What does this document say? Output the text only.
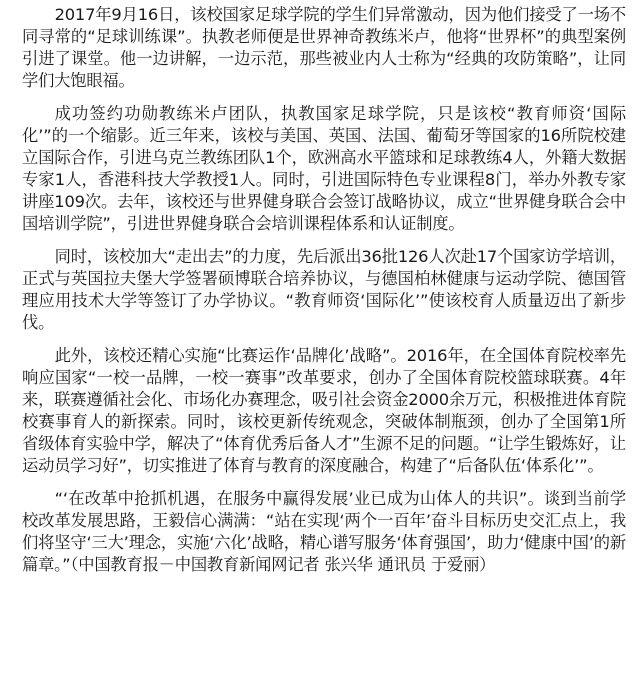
2017年9月16日，该校国家足球学院的学生们异常激动，因为他们接受了一场不同寻常的“足球训练课”。执教老师便是世界神奇教练米卢，他将“世界杯”的典型案例引进了课堂。他一边讲解，一边示范，那些被业内人士称为“经典的攻防策略”，让同学们大饱眼福。

成功签约功勋教练米卢团队，执教国家足球学院，只是该校“教育师资‘国际化’”的一个缩影。近三年来，该校与美国、英国、法国、葡萄牙等国家的16所院校建立国际合作，引进乌克兰教练团队1个，欧洲高水平篮球和足球教练4人，外籍大数据专家1人，香港科技大学教授1人。同时，引进国际特色专业课程8门，举办外教专家讲座109次。去年，该校还与世界健身联合会签订战略协议，成立“世界健身联合会中国培训学院”，引进世界健身联合会培训课程体系和认证制度。

同时，该校加大“走出去”的力度，先后派出36批126人次赴17个国家访学培训，正式与英国拉夫堡大学签署硕博联合培养协议，与德国柏林健康与运动学院、德国管理应用技术大学等签订了办学协议。“教育师资‘国际化’”使该校育人质量迈出了新步伐。

此外，该校还精心实施“比赛运作‘品牌化’战略”。2016年，在全国体育院校率先响应国家“一校一品牌，一校一赛事”改革要求，创办了全国体育院校篮球联赛。4年来，联赛遵循社会化、市场化办赛理念，吸引社会资金2000余万元，积极推进体育院校赛事育人的新探索。同时，该校更新传统观念，突破体制瓶颈，创办了全国第1所省级体育实验中学，解决了“体育优秀后备人才”生源不足的问题。“让学生锻炼好，让运动员学习好”，切实推进了体育与教育的深度融合，构建了“后备队伍‘体系化’”。

“‘在改革中抢抓机遇，在服务中赢得发展’业已成为山体人的共识”。谈到当前学校改革发展思路，王毅信心满满：“站在实现‘两个一百年’奋斗目标历史交汇点上，我们将坚守‘三大’理念，实施‘六化’战略，精心谱写服务‘体育强国’，助力‘健康中国’的新篇章。”（中国教育报－中国教育新闻网记者 张兴华 通讯员 于爱丽）
